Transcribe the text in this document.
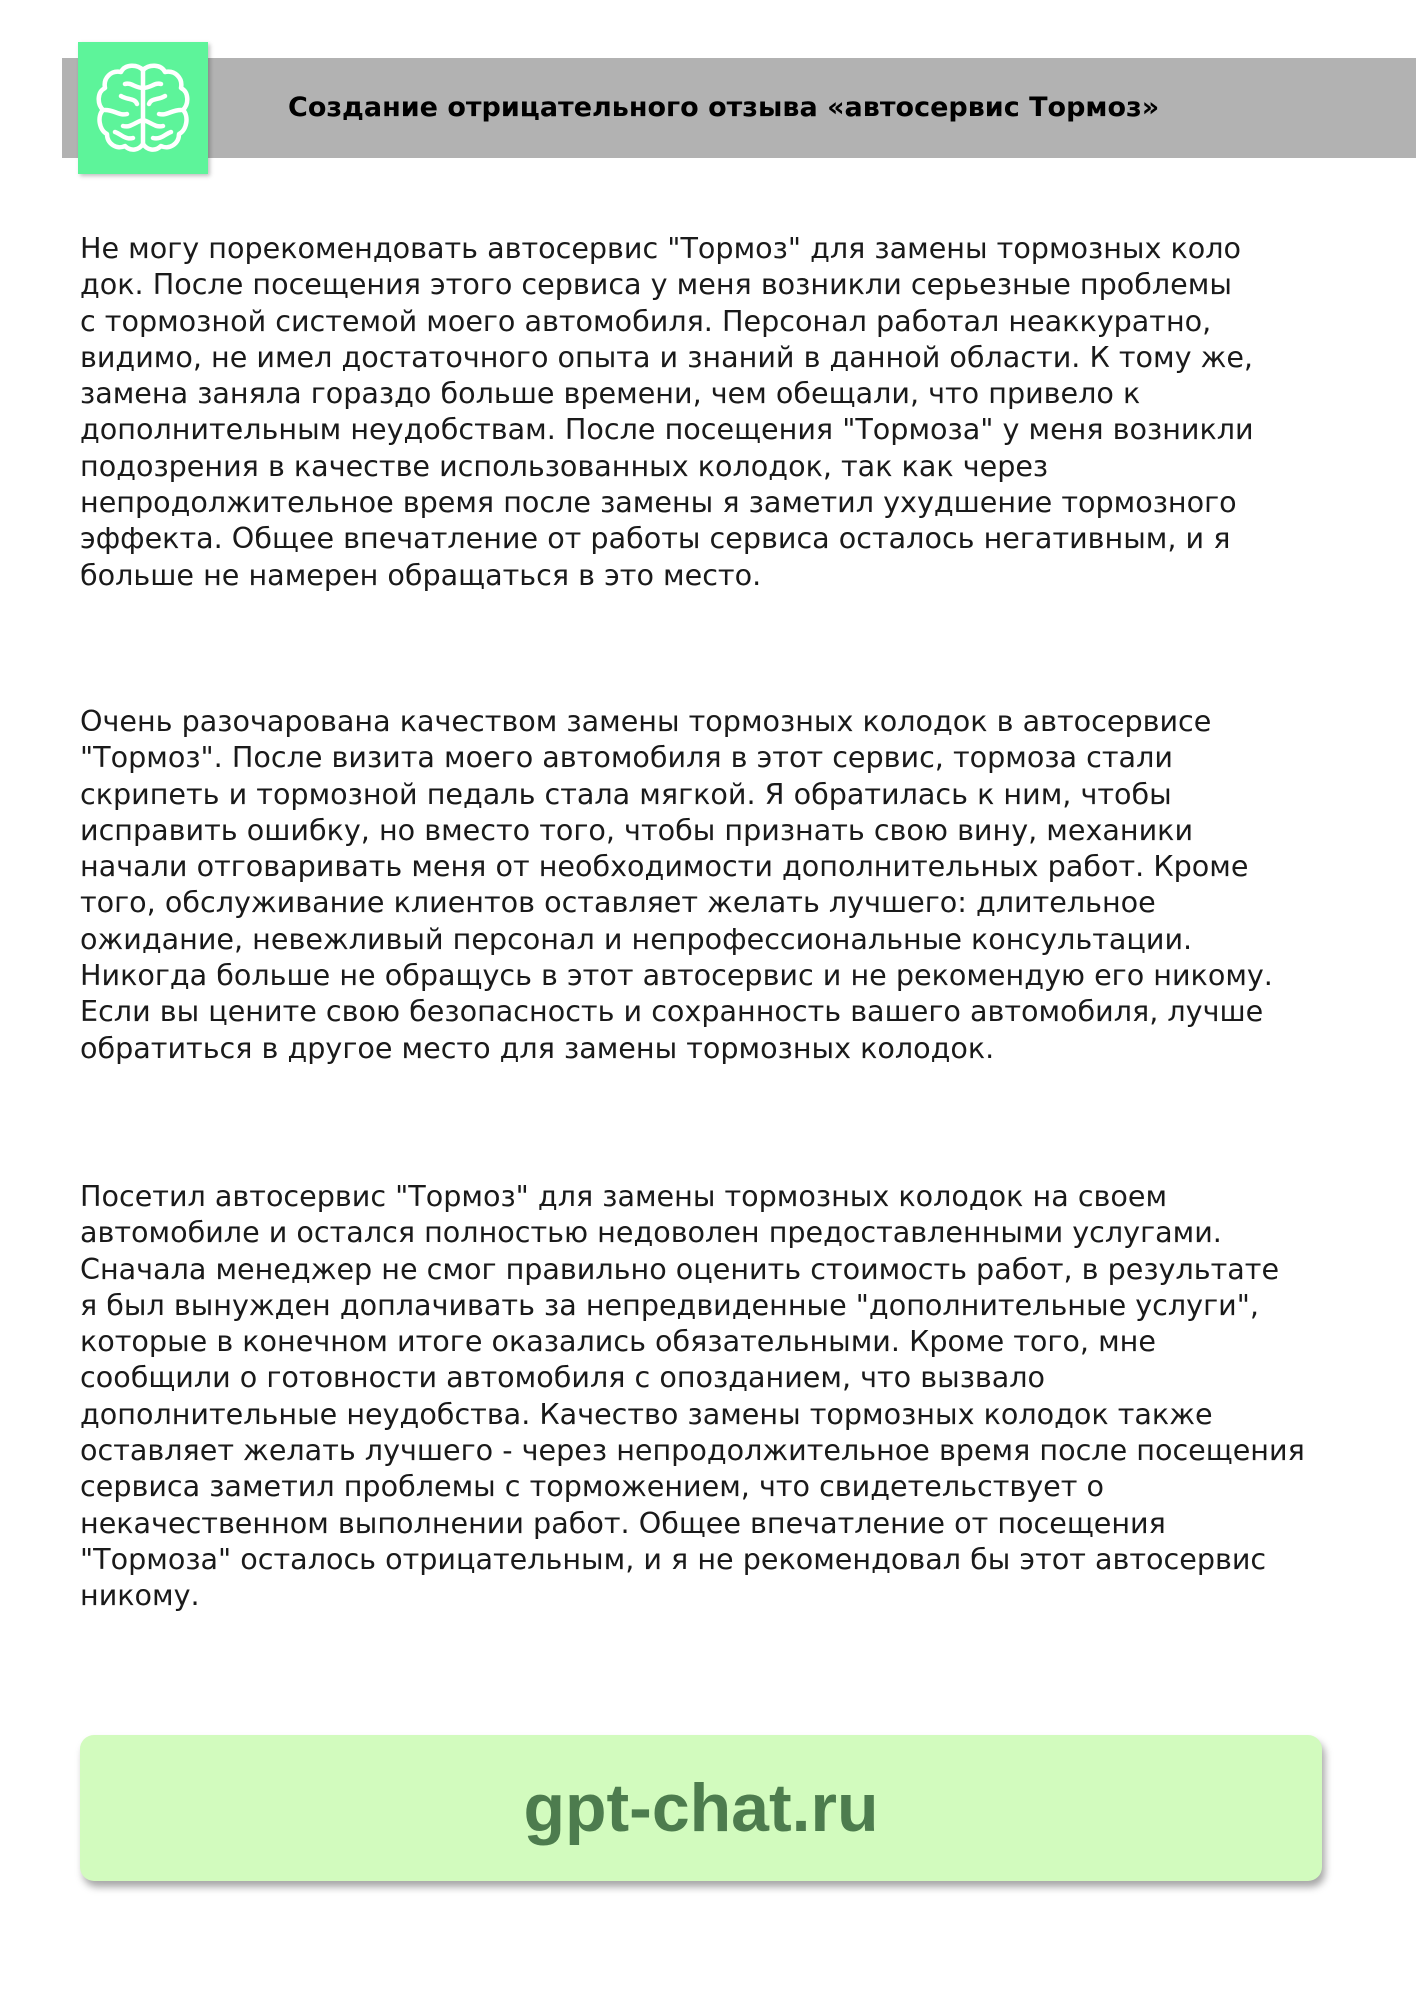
Создание отрицательного отзыва «автосервис Тормоз»

Не могу порекомендовать автосервис "Тормоз" для замены тормозных коло
док. После посещения этого сервиса у меня возникли серьезные проблемы
с тормозной системой моего автомобиля. Персонал работал неаккуратно,
видимо, не имел достаточного опыта и знаний в данной области. К тому же,
замена заняла гораздо больше времени, чем обещали, что привело к
дополнительным неудобствам. После посещения "Тормоза" у меня возникли
подозрения в качестве использованных колодок, так как через
непродолжительное время после замены я заметил ухудшение тормозного
эффекта. Общее впечатление от работы сервиса осталось негативным, и я
больше не намерен обращаться в это место.

Очень разочарована качеством замены тормозных колодок в автосервисе
"Тормоз". После визита моего автомобиля в этот сервис, тормоза стали
скрипеть и тормозной педаль стала мягкой. Я обратилась к ним, чтобы
исправить ошибку, но вместо того, чтобы признать свою вину, механики
начали отговаривать меня от необходимости дополнительных работ. Кроме
того, обслуживание клиентов оставляет желать лучшего: длительное
ожидание, невежливый персонал и непрофессиональные консультации.
Никогда больше не обращусь в этот автосервис и не рекомендую его никому.
Если вы цените свою безопасность и сохранность вашего автомобиля, лучше
обратиться в другое место для замены тормозных колодок.

Посетил автосервис "Тормоз" для замены тормозных колодок на своем
автомобиле и остался полностью недоволен предоставленными услугами.
Сначала менеджер не смог правильно оценить стоимость работ, в результате
я был вынужден доплачивать за непредвиденные "дополнительные услуги",
которые в конечном итоге оказались обязательными. Кроме того, мне
сообщили о готовности автомобиля с опозданием, что вызвало
дополнительные неудобства. Качество замены тормозных колодок также
оставляет желать лучшего - через непродолжительное время после посещения
сервиса заметил проблемы с торможением, что свидетельствует о
некачественном выполнении работ. Общее впечатление от посещения
"Тормоза" осталось отрицательным, и я не рекомендовал бы этот автосервис
никому.

gpt-chat.ru
